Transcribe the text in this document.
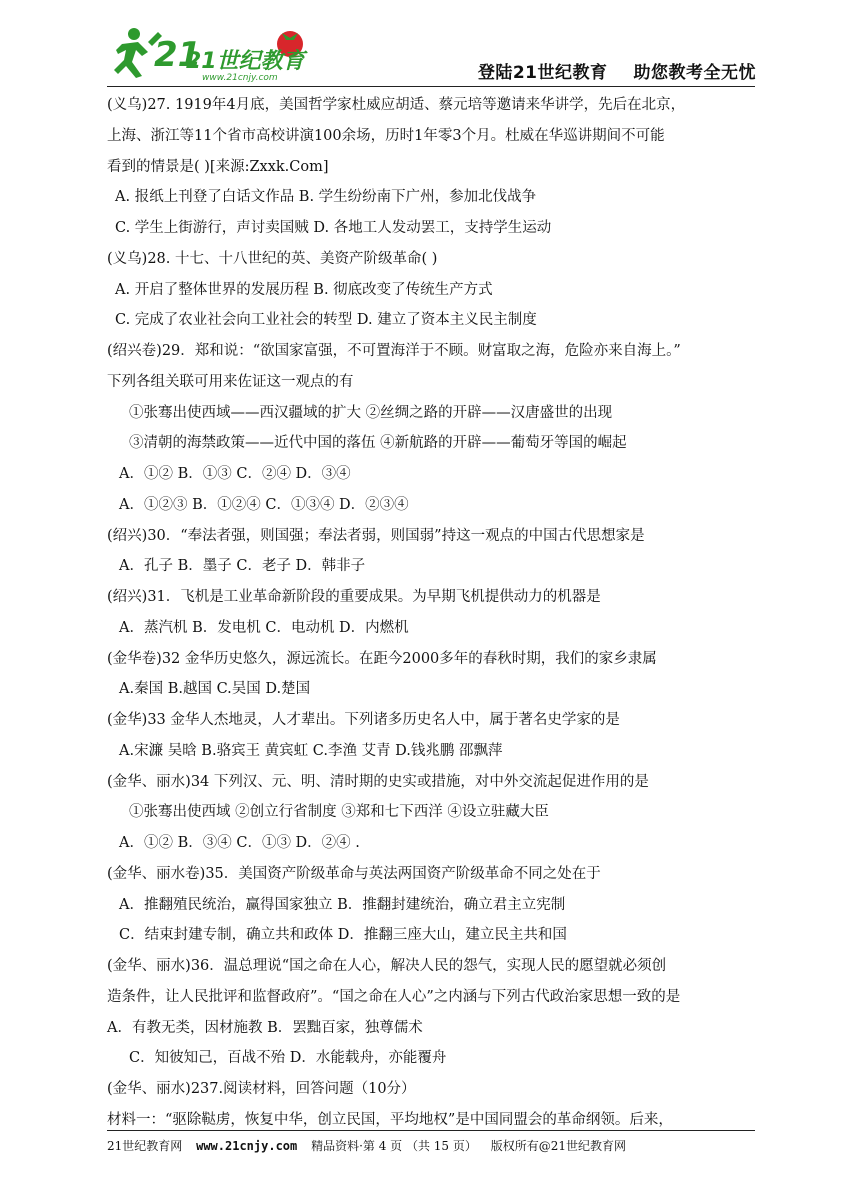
21
www.21cnjy.com
21世纪教育	登陆21世纪教育 助您教考全无忧
(义乌)27. 1919年4月底，美国哲学家杜威应胡适、蔡元培等邀请来华讲学，先后在北京，
上海、浙江等11个省市高校讲演100余场，历时1年零3个月。杜威在华巡讲期间不可能
看到的情景是( )[来源:Zxxk.Com]
A. 报纸上刊登了白话文作品 B. 学生纷纷南下广州，参加北伐战争
C. 学生上街游行，声讨卖国贼 D. 各地工人发动罢工，支持学生运动
(义乌)28. 十七、十八世纪的英、美资产阶级革命( )
A. 开启了整体世界的发展历程 B. 彻底改变了传统生产方式
C. 完成了农业社会向工业社会的转型 D. 建立了资本主义民主制度
(绍兴卷)29．郑和说：“欲国家富强，不可置海洋于不顾。财富取之海，危险亦来自海上。”
下列各组关联可用来佐证这一观点的有
①张骞出使西域——西汉疆域的扩大 ②丝绸之路的开辟——汉唐盛世的出现
③清朝的海禁政策——近代中国的落伍 ④新航路的开辟——葡萄牙等国的崛起
A．①② B．①③ C．②④ D．③④
A．①②③ B．①②④ C．①③④ D．②③④
(绍兴)30．“奉法者强，则国强；奉法者弱，则国弱”持这一观点的中国古代思想家是
A．孔子 B．墨子 C．老子 D．韩非子
(绍兴)31．飞机是工业革命新阶段的重要成果。为早期飞机提供动力的机器是
A．蒸汽机 B．发电机 C．电动机 D．内燃机
(金华卷)32 金华历史悠久，源远流长。在距今2000多年的春秋时期，我们的家乡隶属
A.秦国 B.越国 C.吴国 D.楚国
(金华)33 金华人杰地灵，人才辈出。下列诸多历史名人中，属于著名史学家的是
A.宋濂 吴晗 B.骆宾王 黄宾虹 C.李渔 艾青 D.钱兆鹏 邵飘萍
(金华、丽水)34 下列汉、元、明、清时期的史实或措施，对中外交流起促进作用的是
①张骞出使西域 ②创立行省制度 ③郑和七下西洋 ④设立驻藏大臣
A．①② B．③④ C．①③ D．②④ .
(金华、丽水卷)35．美国资产阶级革命与英法两国资产阶级革命不同之处在于
A．推翻殖民统治，赢得国家独立 B．推翻封建统治，确立君主立宪制
C．结束封建专制，确立共和政体 D．推翻三座大山，建立民主共和国
(金华、丽水)36．温总理说“国之命在人心，解决人民的怨气，实现人民的愿望就必须创
造条件，让人民批评和监督政府”。“国之命在人心”之内涵与下列古代政治家思想一致的是
A．有教无类，因材施教 B．罢黜百家，独尊儒术
C．知彼知己，百战不殆 D．水能载舟，亦能覆舟
(金华、丽水)237.阅读材料，回答问题（10分）
材料一：“驱除鞑虏，恢复中华，创立民国，平均地权”是中国同盟会的革命纲领。后来，
21世纪教育网 www.21cnjy.com 精品资料·第 4 页 （共 15 页） 版权所有@21世纪教育网
